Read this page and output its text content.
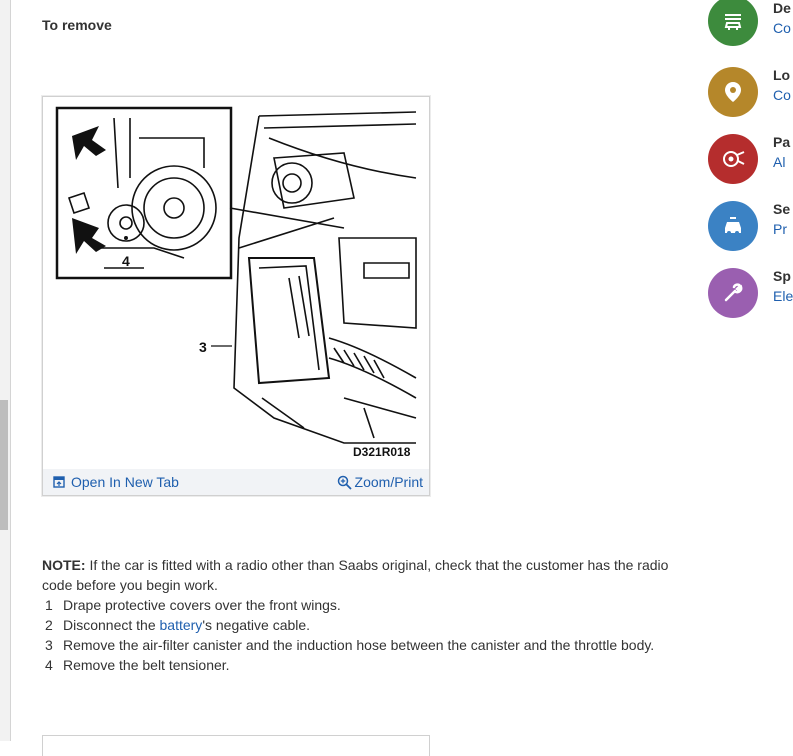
To remove
4
3
D321R018
Open In New Tab	Zoom/Print
NOTE: If the car is fitted with a radio other than Saabs original, check that the customer has the radio code before you begin work.
1 Drape protective covers over the front wings.
2 Disconnect the battery's negative cable.
3 Remove the air-filter canister and the induction hose between the canister and the throttle body.
4 Remove the belt tensioner.
De
Co
Lo
Co
Pa
Al
Se
Pr
Sp
Ele
